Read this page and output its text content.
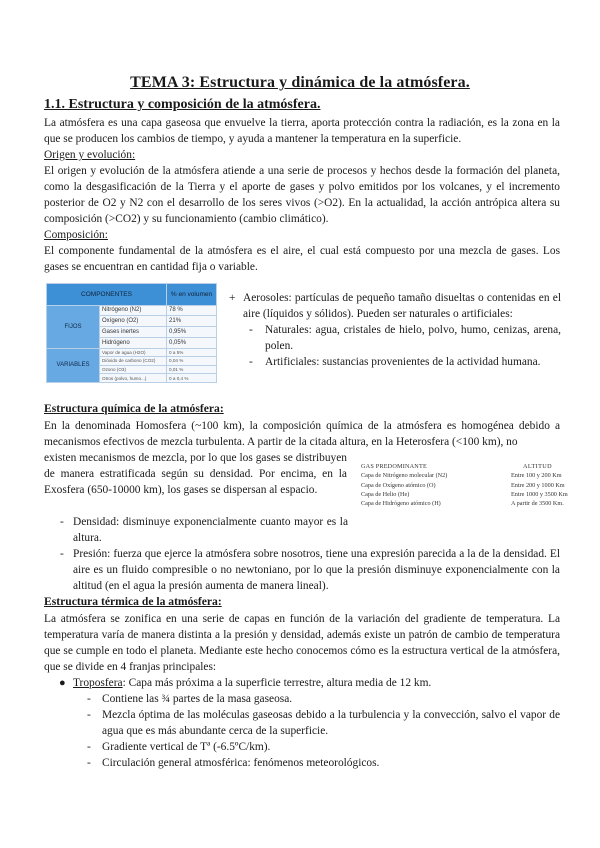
TEMA 3: Estructura y dinámica de la atmósfera.
1.1. Estructura y composición de la atmósfera.

La atmósfera es una capa gaseosa que envuelve la tierra, aporta protección contra la radiación, es la zona en la que se producen los cambios de tiempo, y ayuda a mantener la temperatura en la superficie.

Origen y evolución:

El origen y evolución de la atmósfera atiende a una serie de procesos y hechos desde la formación del planeta, como la desgasificación de la Tierra y el aporte de gases y polvo emitidos por los volcanes, y el incremento posterior de O2 y N2 con el desarrollo de los seres vivos (>O2). En la actualidad, la acción antrópica altera su composición (>CO2) y su funcionamiento (cambio climático).

Composición:

El componente fundamental de la atmósfera es el aire, el cual está compuesto por una mezcla de gases. Los gases se encuentran en cantidad fija o variable.

COMPONENTES		% en volumen
FIJOS	Nitrógeno (N2)	78 %
	Oxígeno (O2)	21%
	Gases inertes	0,95%
	Hidrógeno	0,05%
VARIABLES	Vapor de agua (H2O)	0 a 5%
	Dióxido de carbono (CO2)	0,04 %
	Ozono (O3)	0,01 %
	Otros (polvo, humo...)	0 a 0,4 %
+ Aerosoles: partículas de pequeño tamaño disueltas o contenidas en el aire (líquidos y sólidos). Pueden ser naturales o artificiales:

- Naturales: agua, cristales de hielo, polvo, humo, cenizas, arena, polen.

- Artificiales: sustancias provenientes de la actividad humana.

Estructura química de la atmósfera:

En la denominada Homosfera (~100 km), la composición química de la atmósfera es homogénea debido a mecanismos efectivos de mezcla turbulenta. A partir de la citada altura, en la Heterosfera (<100 km), no

existen mecanismos de mezcla, por lo que los gases se distribuyen de manera estratificada según su densidad. Por encima, en la Exosfera (650-10000 km), los gases se dispersan al espacio.

GAS PREDOMINANTE	ALTITUD
Capa de Nitrógeno molecular (N2)	Entre 100 y 200 Km
Capa de Oxígeno atómico (O)	Entre 200 y 1000 Km
Capa de Helio (He)	Entre 1000 y 3500 Km
Capa de Hidrógeno atómico (H)	A partir de 3500 Km.
- Densidad: disminuye exponencialmente cuanto mayor es la altura.

- Presión: fuerza que ejerce la atmósfera sobre nosotros, tiene una expresión parecida a la de la densidad. El aire es un fluido compresible o no newtoniano, por lo que la presión disminuye exponencialmente con la altitud (en el agua la presión aumenta de manera lineal).

Estructura térmica de la atmósfera:

La atmósfera se zonifica en una serie de capas en función de la variación del gradiente de temperatura. La temperatura varía de manera distinta a la presión y densidad, además existe un patrón de cambio de temperatura que se cumple en todo el planeta. Mediante este hecho conocemos cómo es la estructura vertical de la atmósfera, que se divide en 4 franjas principales:

● Troposfera: Capa más próxima a la superficie terrestre, altura media de 12 km.
- Contiene las ¾ partes de la masa gaseosa.

- Mezcla óptima de las moléculas gaseosas debido a la turbulencia y la convección, salvo el vapor de agua que es más abundante cerca de la superficie.

- Gradiente vertical de Tª (-6.5ºC/km).

- Circulación general atmosférica: fenómenos meteorológicos.
